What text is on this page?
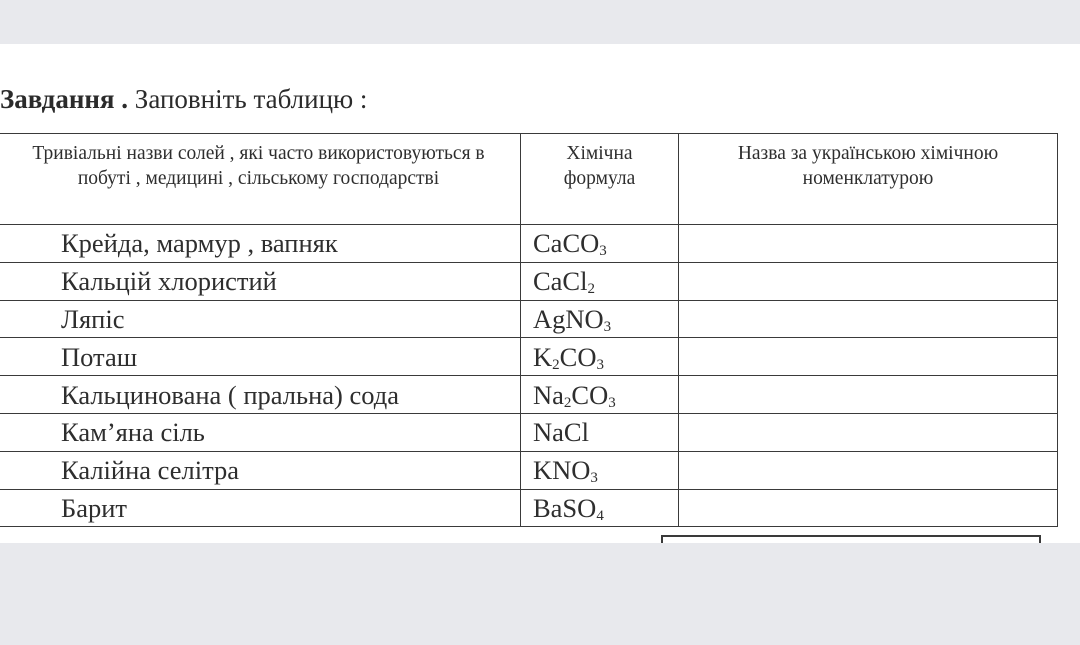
Завдання . Заповніть таблицю :
Тривіальні назви солей , які часто використовуються в побуті , медицині , сільському господарстві	Хімічна формула	Назва за українською хімічною номенклатурою
Крейда, мармур , вапняк	CaCO$_3$	
Кальцій хлористий	CaCl$_2$	
Ляпіс	AgNO$_3$	
Поташ	$K_2CO_3$	
Кальцинована ( пральна) сода	$Na_2CO_3$	
Кам’яна сіль	NaCl	
Калійна селітра	$KNO_3$	
Барит	BaSO$_4$	
